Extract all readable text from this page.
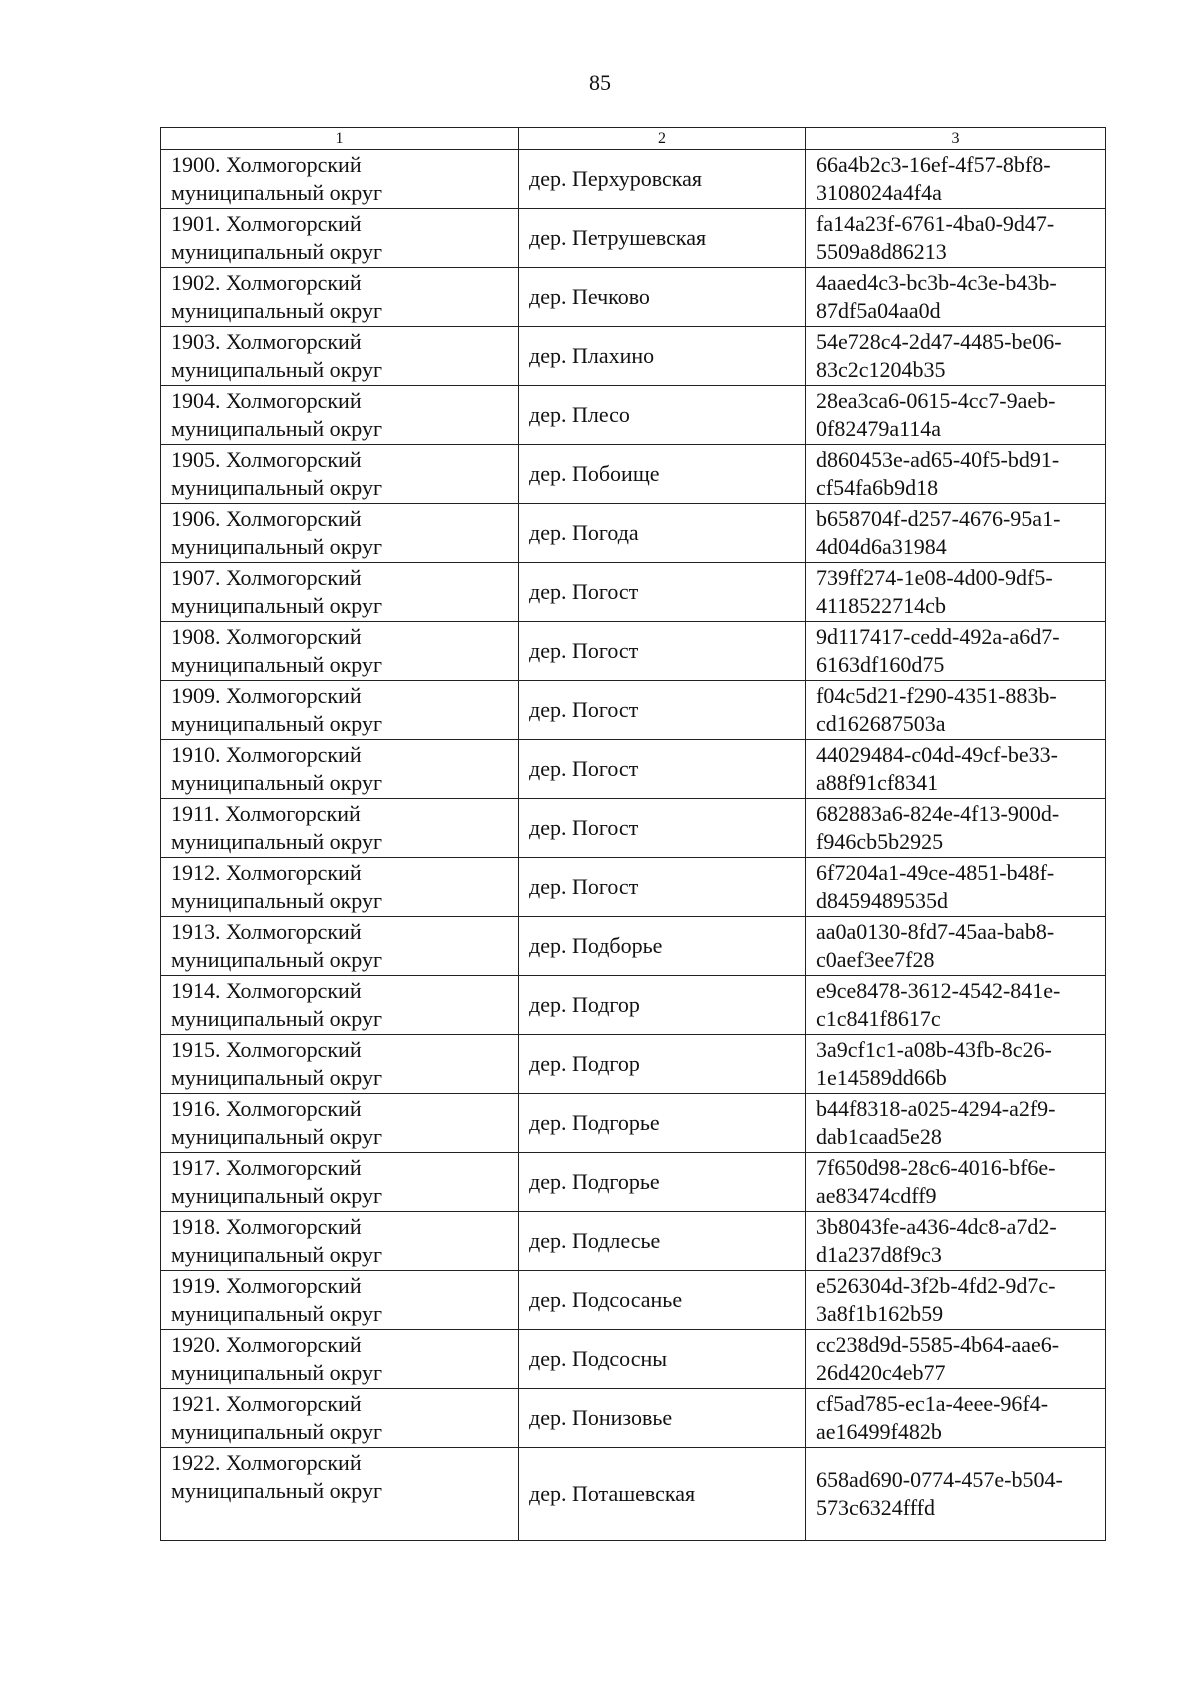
85
1	2	3
1900 . Холмогорский муниципальный округ	дер. Перхуровская	66a4b2c3-16ef-4f57-8bf8-3108024a4f4a
1901 . Холмогорский муниципальный округ	дер. Петрушевская	fa14a23f-6761-4ba0-9d47-5509a8d86213
1902 . Холмогорский муниципальный округ	дер. Печково	4aaed4c3-bc3b-4c3e-b43b-87df5a04aa0d
1903 . Холмогорский муниципальный округ	дер. Плахино	54e728c4-2d47-4485-be06-83c2c1204b35
1904 . Холмогорский муниципальный округ	дер. Плесо	28ea3ca6-0615-4cc7-9aeb-0f82479a114a
1905 . Холмогорский муниципальный округ	дер. Побоище	d860453e-ad65-40f5-bd91-cf54fa6b9d18
1906 . Холмогорский муниципальный округ	дер. Погода	b658704f-d257-4676-95a1-4d04d6a31984
1907 . Холмогорский муниципальный округ	дер. Погост	739ff274-1e08-4d00-9df5-4118522714cb
1908 . Холмогорский муниципальный округ	дер. Погост	9d117417-cedd-492a-a6d7-6163df160d75
1909 . Холмогорский муниципальный округ	дер. Погост	f04c5d21-f290-4351-883b-cd162687503a
1910 . Холмогорский муниципальный округ	дер. Погост	44029484-c04d-49cf-be33-a88f91cf8341
1911 . Холмогорский муниципальный округ	дер. Погост	682883a6-824e-4f13-900d-f946cb5b2925
1912 . Холмогорский муниципальный округ	дер. Погост	6f7204a1-49ce-4851-b48f-d8459489535d
1913 . Холмогорский муниципальный округ	дер. Подборье	aa0a0130-8fd7-45aa-bab8-c0aef3ee7f28
1914 . Холмогорский муниципальный округ	дер. Подгор	e9ce8478-3612-4542-841e-c1c841f8617c
1915 . Холмогорский муниципальный округ	дер. Подгор	3a9cf1c1-a08b-43fb-8c26-1e14589dd66b
1916 . Холмогорский муниципальный округ	дер. Подгорье	b44f8318-a025-4294-a2f9-dab1caad5e28
1917 . Холмогорский муниципальный округ	дер. Подгорье	7f650d98-28c6-4016-bf6e-ae83474cdff9
1918 . Холмогорский муниципальный округ	дер. Подлесье	3b8043fe-a436-4dc8-a7d2-d1a237d8f9c3
1919 . Холмогорский муниципальный округ	дер. Подсосанье	e526304d-3f2b-4fd2-9d7c-3a8f1b162b59
1920 . Холмогорский муниципальный округ	дер. Подсосны	cc238d9d-5585-4b64-aae6-26d420c4eb77
1921 . Холмогорский муниципальный округ	дер. Понизовье	cf5ad785-ec1a-4eee-96f4-ae16499f482b
1922 . Холмогорский муниципальный округ	дер. Поташевская	658ad690-0774-457e-b504-573c6324fffd
